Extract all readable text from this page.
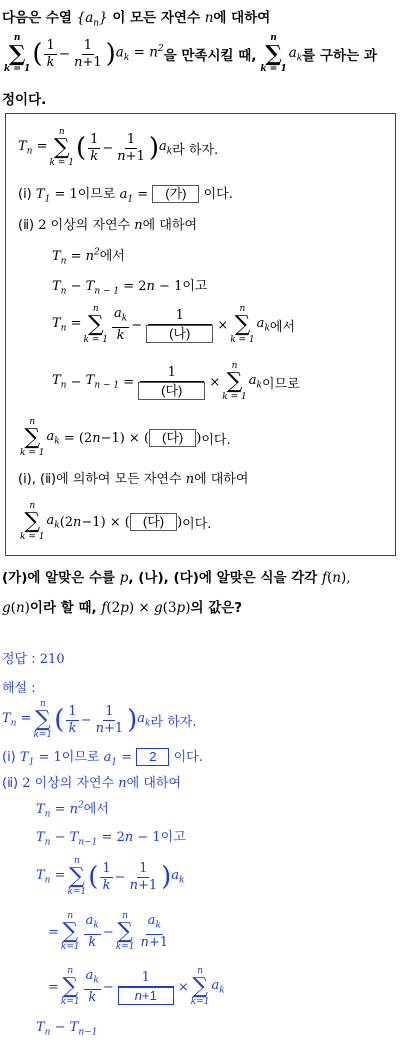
다음은 수열 $\{a_n\}$ 이 모든 자연수 n에 대하여
n
∑
k = 1 ( $\frac{1}{k} - \frac{1}{n+1}$ ) $a_k = n^2$ 을 만족시킬 때,
n
∑
k = 1
$a_k$ 를 구하는 과
정이다.
$T_n$ =
n
∑
k = 1 ( $\frac{1}{k} - \frac{1}{n+1}$ ) $a_k$ 라 하자.
(ⅰ) $T_1 = 1$이므로 $a_1$ = (가) 이다.
(ⅱ) 2 이상의 자연수 n에 대하여
$T_n = n^2$에서
$T_n - T_{n - 1} = 2n - 1$이고
$T_n$ =
n
∑
$k = 1 \frac{a_k}{k} - \frac{1}{\text{(나)}}$ ×
n
∑
k = 1
$a_k$ 에서
$T_n - T_{n - 1} = \frac{1}{\text{(다)}}$ ×
n
∑
k = 1
$a_k$ 이므로
n
∑
k = 1
$a_k = (2$ n −1) × (	(다)	) 이다.
(ⅰ), (ⅱ)에 의하여 모든 자연수 n에 대하여
n
∑
k = 1
$a_k$ (2 n −1) × (	(다)	) 이다.
(가)에 알맞은 수를 p, (나), (다)에 알맞은 식을 각각 f(n),
g(n)이라 할 때, f(2p) × g(3p)의 값은?
정답 : 210
해설 :
$T_n$ =
n
∑
k=1 ( $\frac{1}{k} - \frac{1}{n+1}$ ) $a_k$ 라 하자.
(ⅰ) $T_1 = 1$이므로 $a_1 = 2$ 이다.
(ⅱ) 2 이상의 자연수 n에 대하여
$T_n = n^2$에서
$T_n - T_{n-1} = 2n - 1$이고
$T_n$ =
n
∑
k=1 ( $\frac{1}{k} - \frac{1}{n+1}$ ) $a_k$
=
n
∑
$k=1 \frac{a_k}{k}$ −
n
∑
$k=1 \frac{a_k}{n+1}$
=
n
∑
$k=1 \frac{a_k}{k} - \frac{1}{n+1}$ ×
n
∑
k=1
$a_k$
$T_n - T_{n-1}$
